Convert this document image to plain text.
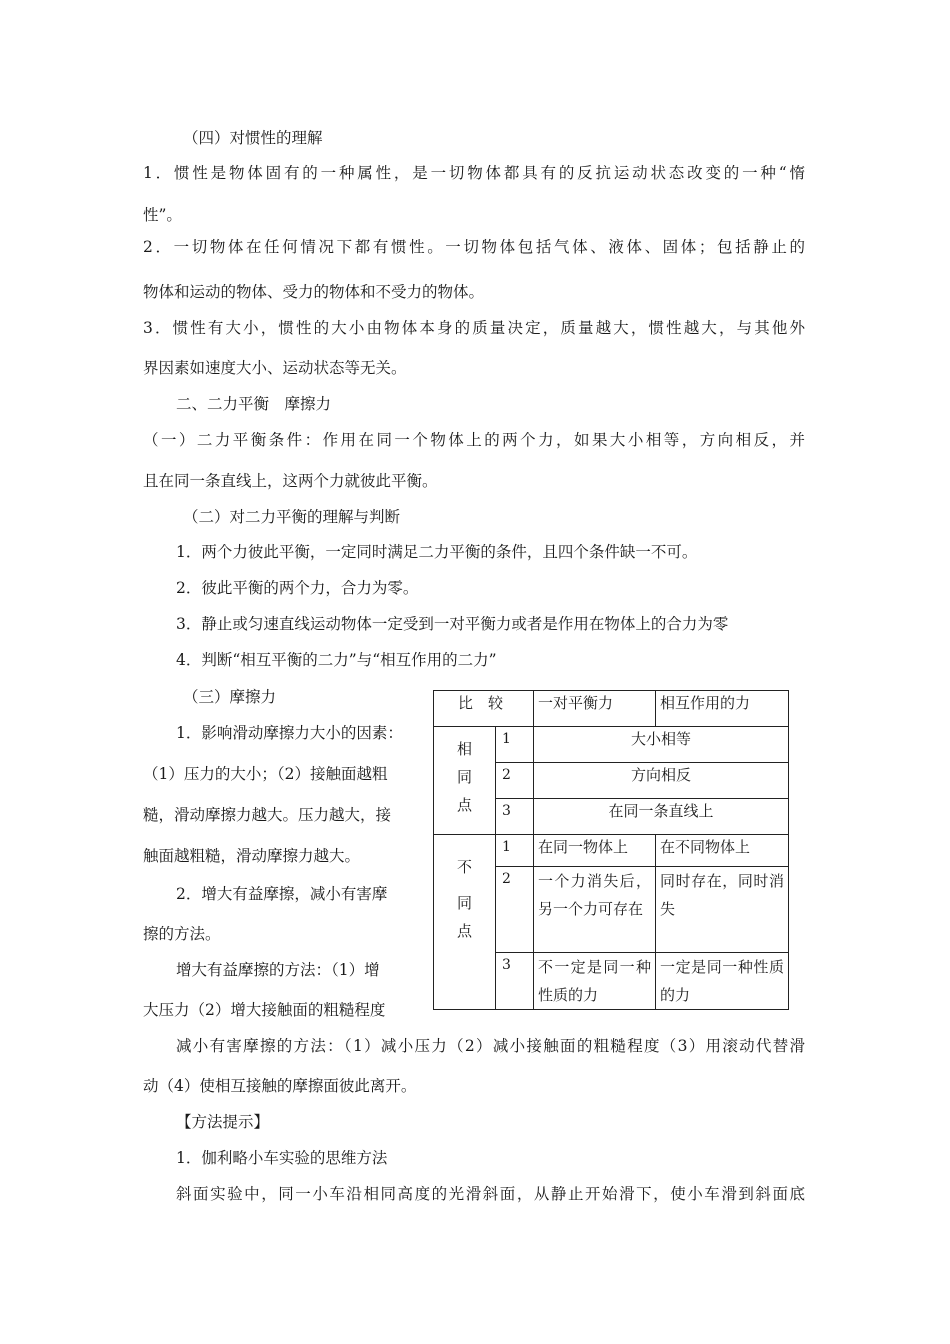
（四）对惯性的理解
1．惯性是物体固有的一种属性，是一切物体都具有的反抗运动状态改变的一种“惰
性”。
2．一切物体在任何情况下都有惯性。一切物体包括气体、液体、固体；包括静止的
物体和运动的物体、受力的物体和不受力的物体。
3．惯性有大小，惯性的大小由物体本身的质量决定，质量越大，惯性越大，与其他外
界因素如速度大小、运动状态等无关。
二、二力平衡　摩擦力
（一）二力平衡条件：作用在同一个物体上的两个力，如果大小相等，方向相反，并
且在同一条直线上，这两个力就彼此平衡。
（二）对二力平衡的理解与判断
1．两个力彼此平衡，一定同时满足二力平衡的条件，且四个条件缺一不可。
2．彼此平衡的两个力，合力为零。
3．静止或匀速直线运动物体一定受到一对平衡力或者是作用在物体上的合力为零
4．判断“相互平衡的二力”与“相互作用的二力”
（三）摩擦力
1．影响滑动摩擦力大小的因素：
（1）压力的大小；（2）接触面越粗
糙，滑动摩擦力越大。压力越大，接
触面越粗糙，滑动摩擦力越大。
2．增大有益摩擦，减小有害摩
擦的方法。
增大有益摩擦的方法：（1）增
大压力（2）增大接触面的粗糙程度
减小有害摩擦的方法：（1）减小压力（2）减小接触面的粗糙程度（3）用滚动代替滑
动（4）使相互接触的摩擦面彼此离开。
【方法提示】
1．伽利略小车实验的思维方法
斜面实验中，同一小车沿相同高度的光滑斜面，从静止开始滑下，使小车滑到斜面底
比　较		一对平衡力	相互作用的力

相
同
点	1	大小相等	
	2	方向相反	
	3	在同一条直线上	

不
同
点	1	在同一物体上	在不同物体上
	2	一个力消失后，另一个力可存在	同时存在，同时消失
	3	不一定是同一种性质的力	一定是同一种性质的力
